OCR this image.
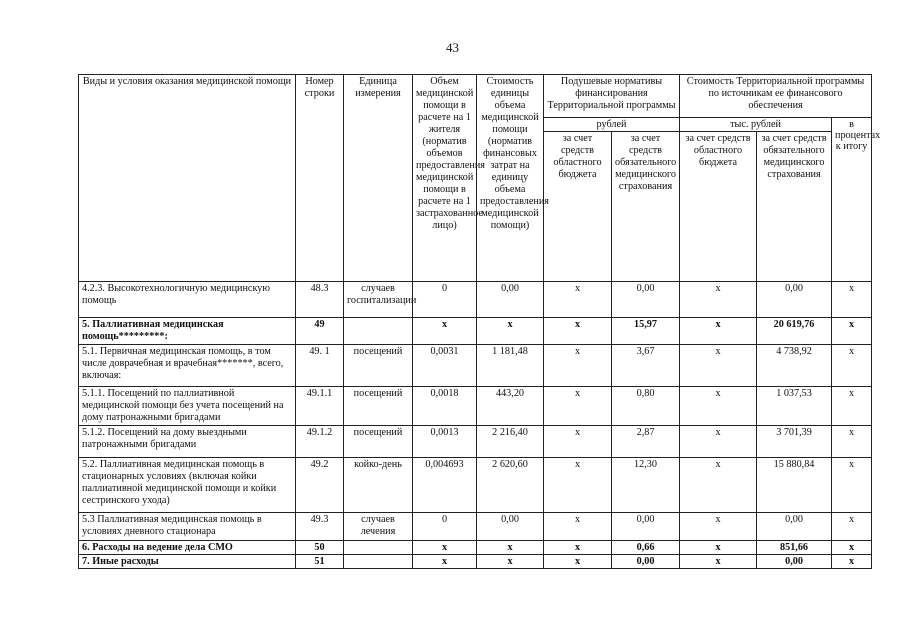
43
Виды и условия оказания медицинской помощи	Номер строки	Единица измерения	Объем медицинской помощи в расчете на 1 жителя (норматив объемов предоставления медицинской помощи в расчете на 1 застрахованное лицо)	Стоимость единицы объема медицинской помощи (норматив финансовых затрат на единицу объема предоставления медицинской помощи)	Подушевые нормативы финансирования Территориальной программы		Стоимость Территориальной программы по источникам ее финансового обеспечения		
					рублей		тыс. рублей		в процентах к итогу
					за счет средств областного бюджета	за счет средств обязательного медицинского страхования	за счет средств областного бюджета	за счет средств обязательного медицинского страхования	
4.2.3. Высокотехнологичную медицинскую помощь	48.3	случаев госпитализации	0	0,00	х	0,00	х	0,00	х
5. Паллиативная медицинская помощь*********:	49		х	х	х	15,97	х	20 619,76	х
5.1. Первичная медицинская помощь, в том числе доврачебная и врачебная*******, всего, включая:	49. 1	посещений	0,0031	1 181,48	х	3,67	х	4 738,92	х
5.1.1. Посещений по паллиативной медицинской помощи без учета посещений на дому патронажными бригадами	49.1.1	посещений	0,0018	443,20	х	0,80	х	1 037,53	х
5.1.2. Посещений на дому выездными патронажными бригадами	49.1.2	посещений	0,0013	2 216,40	х	2,87	х	3 701,39	х
5.2. Паллиативная медицинская помощь в стационарных условиях (включая койки паллиативной медицинской помощи и койки сестринского ухода)	49.2	койко-день	0,004693	2 620,60	х	12,30	х	15 880,84	х
5.3 Паллиативная медицинская помощь в условиях дневного стационара	49.3	случаев лечения	0	0,00	х	0,00	х	0,00	х
6. Расходы на ведение дела СМО	50		х	х	х	0,66	х	851,66	х
7. Иные расходы	51		х	х	х	0,00	х	0,00	х
